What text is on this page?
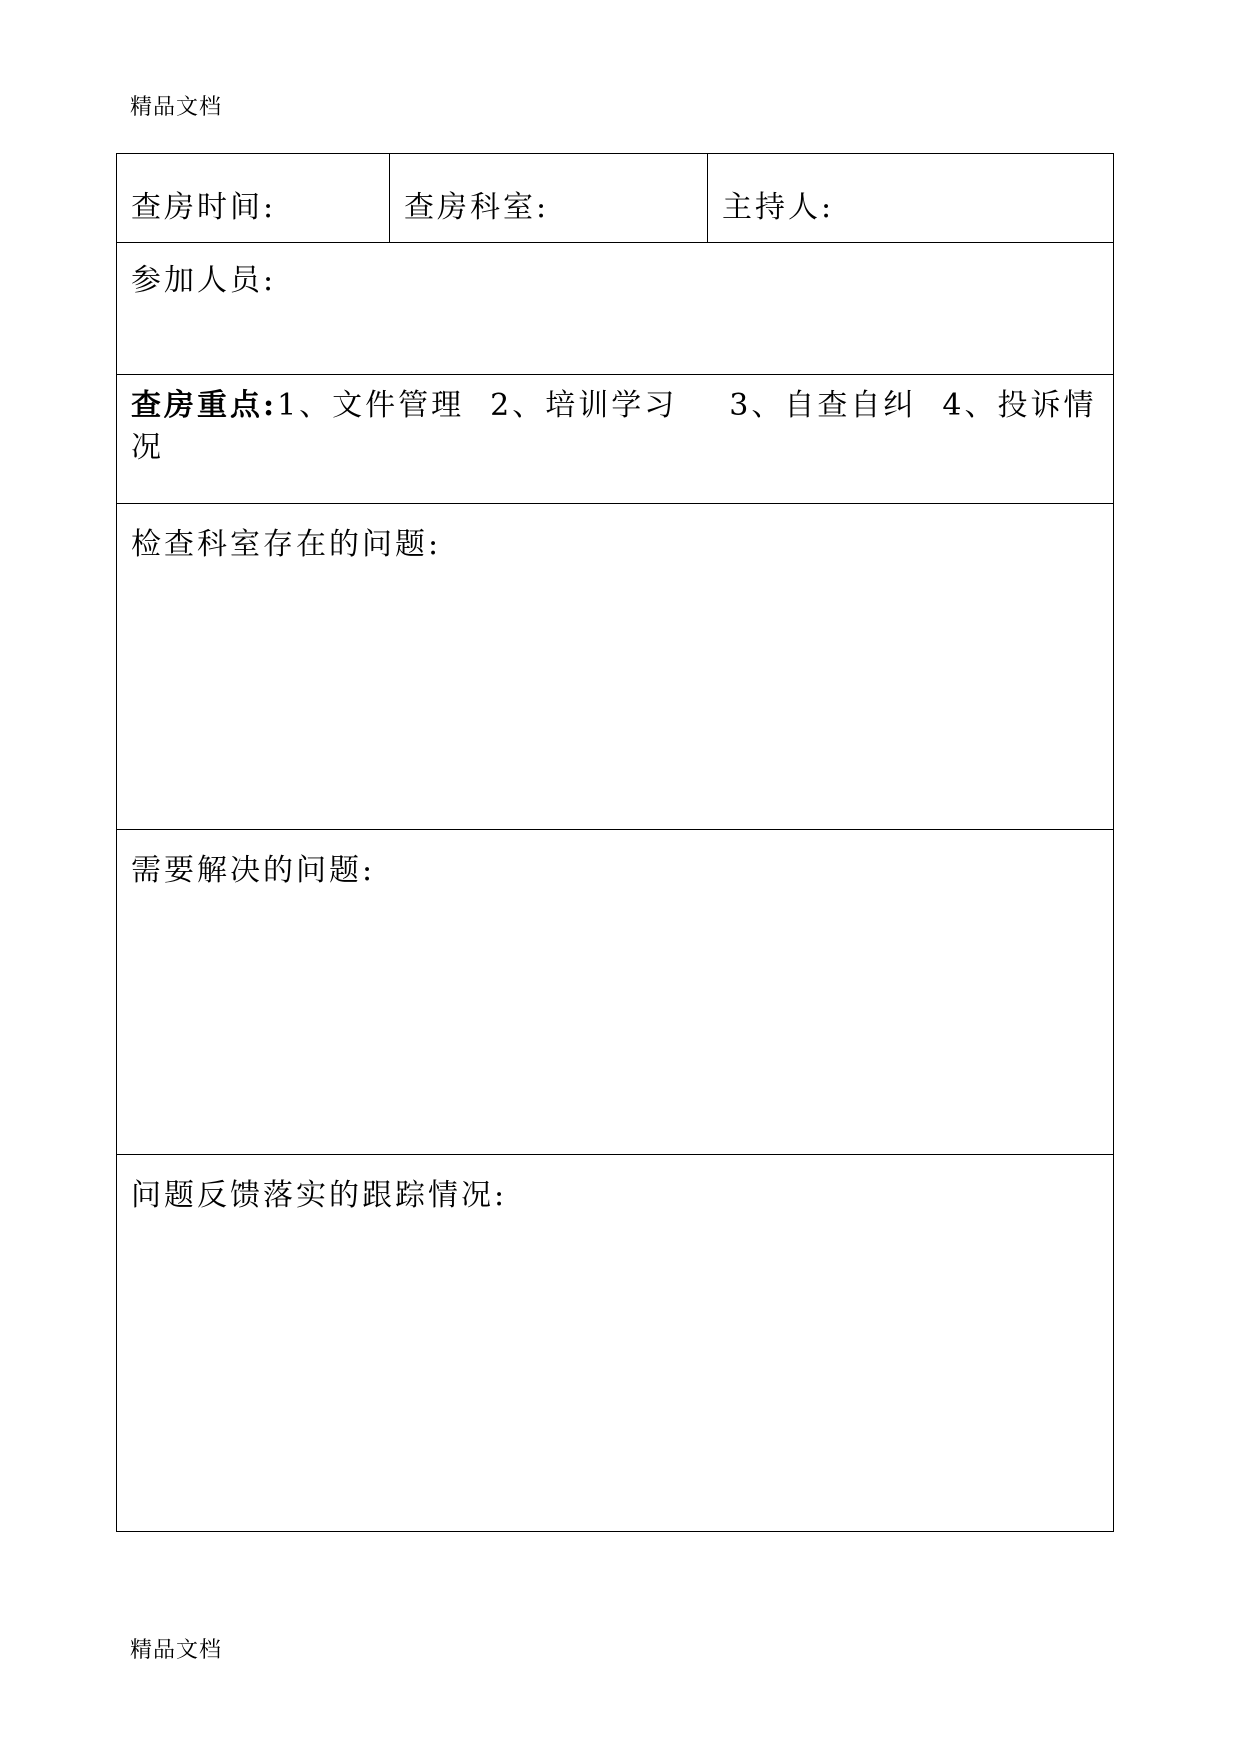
精品文档
查房时间:	查房科室:	主持人:
参加人员:
查房重点:1、文件管理 2、培训学习 3、自查自纠 4、投诉情况
检查科室存在的问题:
需要解决的问题:
问题反馈落实的跟踪情况:
精品文档
